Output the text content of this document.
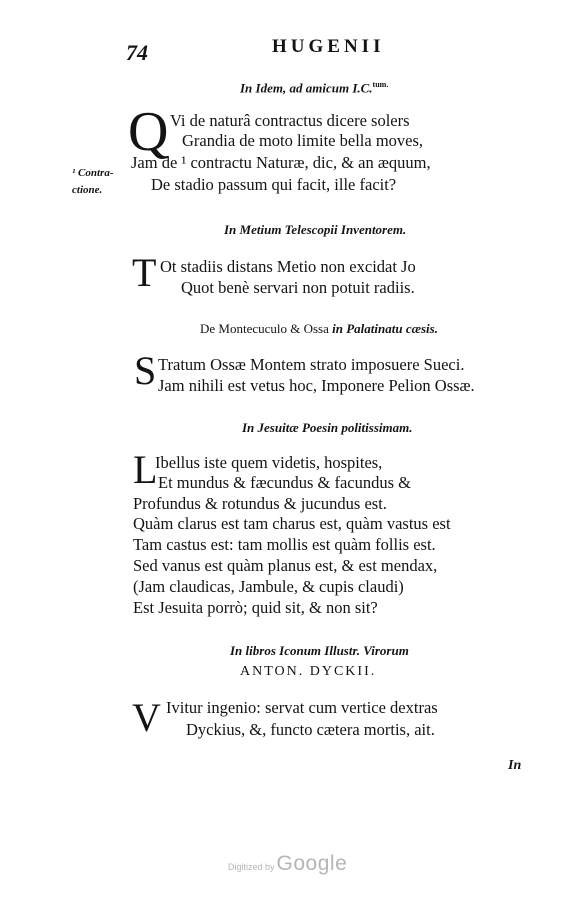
74	HUGENII
In Idem, ad amicum I.C.$^{tum.}$
Q Vi de naturâ contractus dicere solers
Grandia de moto limite bella moves,
Jam de ¹ contractu Naturæ, dic, & an æquum,
De stadio passum qui facit, ille facit?
¹ Contra-
ctione.
In Metium Telescopii Inventorem.
T Ot stadiis distans Metio non excidat Jo
Quot benè servari non potuit radiis.
De Montecuculo & Ossa in Palatinatu cæsis.
S Tratum Ossæ Montem strato imposuere Sueci.
Jam nihili est vetus hoc, Imponere Pelion Ossæ.
In Jesuitæ Poesin politissimam.
L
Ibellus iste quem videtis, hospites,
Et mundus & fæcundus & facundus &
Profundus & rotundus & jucundus est.
Quàm clarus est tam charus est, quàm vastus est
Tam castus est: tam mollis est quàm follis est.
Sed vanus est quàm planus est, & est mendax,
(Jam claudicas, Jambule, & cupis claudi)
Est Jesuita porrò; quid sit, & non sit?
In libros Iconum Illustr. Virorum
ANTON. DYCKII.
V Ivitur ingenio: servat cum vertice dextras
Dyckius, &, functo cætera mortis, ait.
In
Digitized byGoogle
